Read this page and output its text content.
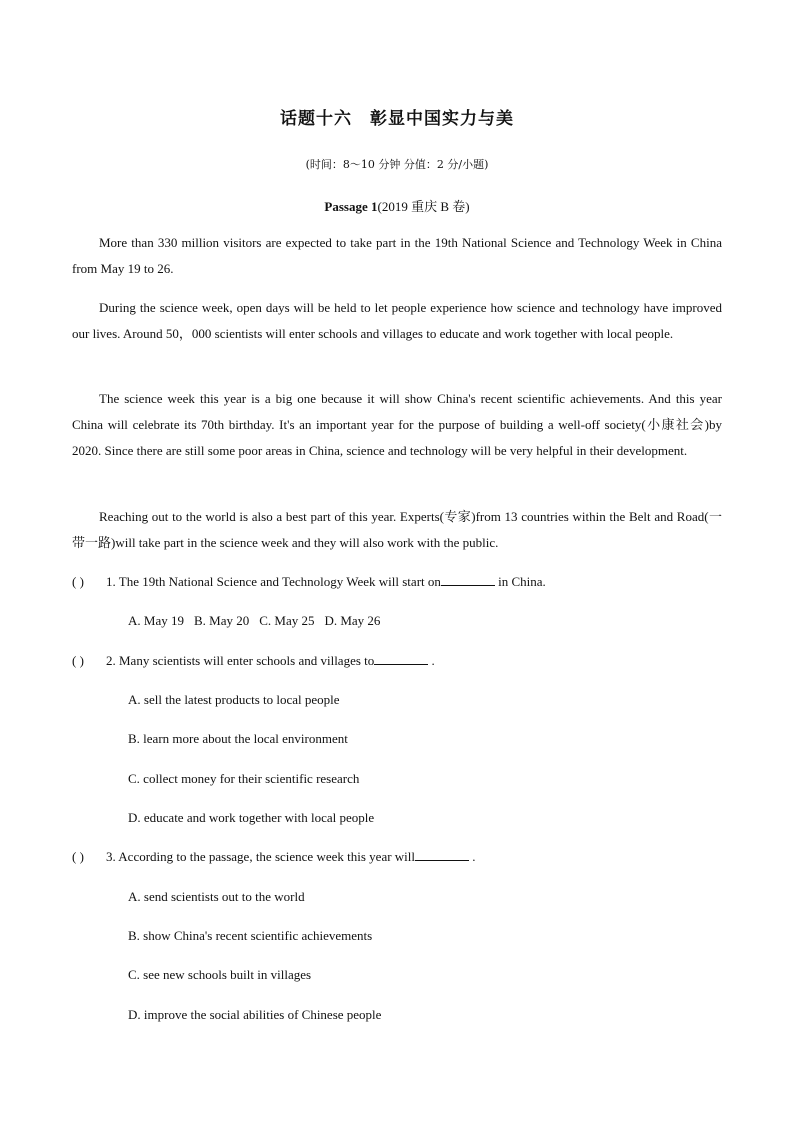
话题十六 彰显中国实力与美
(时间：8～10 分钟 分值：2 分/小题)
Passage 1(2019 重庆 B 卷)

More than 330 million visitors are expected to take part in the 19th National Science and Technology Week in China from May 19 to 26.

During the science week, open days will be held to let people experience how science and technology have improved our lives. Around 50，000 scientists will enter schools and villages to educate and work together with local people.

The science week this year is a big one because it will show China's recent scientific achievements. And this year China will celebrate its 70th birthday. It's an important year for the purpose of building a well-off society(小康社会)by 2020. Since there are still some poor areas in China, science and technology will be very helpful in their development.

Reaching out to the world is also a best part of this year. Experts(专家)from 13 countries within the Belt and Road(一带一路)will take part in the science week and they will also work with the public.

( ) 1. The 19th National Science and Technology Week will start on	in China.
A. May 19 B. May 20 C. May 25 D. May 26
( ) 2. Many scientists will enter schools and villages to	.
A. sell the latest products to local people
B. learn more about the local environment
C. collect money for their scientific research
D. educate and work together with local people
( ) 3. According to the passage, the science week this year will	.
A. send scientists out to the world
B. show China's recent scientific achievements
C. see new schools built in villages
D. improve the social abilities of Chinese people
